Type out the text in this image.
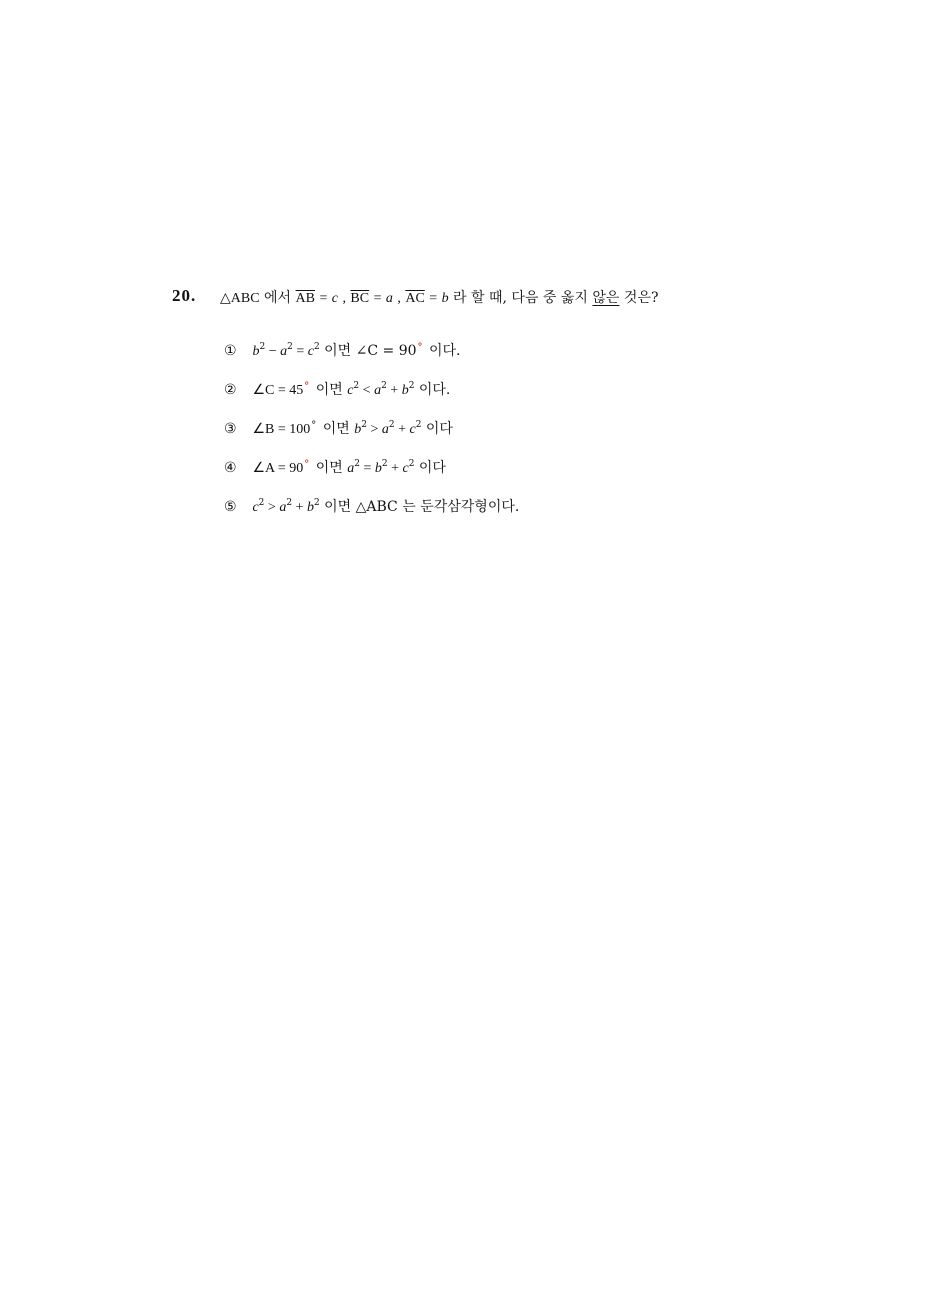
20. △ABC 에서 $\overline{AB} = c$ , $\overline{BC} = a$ , $\overline{AC} = b$ 라 할 때, 다음 중 옳지 않은 것은?
① $b^2 - a^2 = c^2$ 이면 ∠C = 90° 이다.
② ∠C = 45° 이면 $c^2 < a^2 + b^2$ 이다.
③ ∠B = 100° 이면 $b^2 > a^2 + c^2$ 이다
④ ∠A = 90° 이면 $a^2 = b^2 + c^2$ 이다
⑤ $c^2 > a^2 + b^2$ 이면 △ABC 는 둔각삼각형이다.
